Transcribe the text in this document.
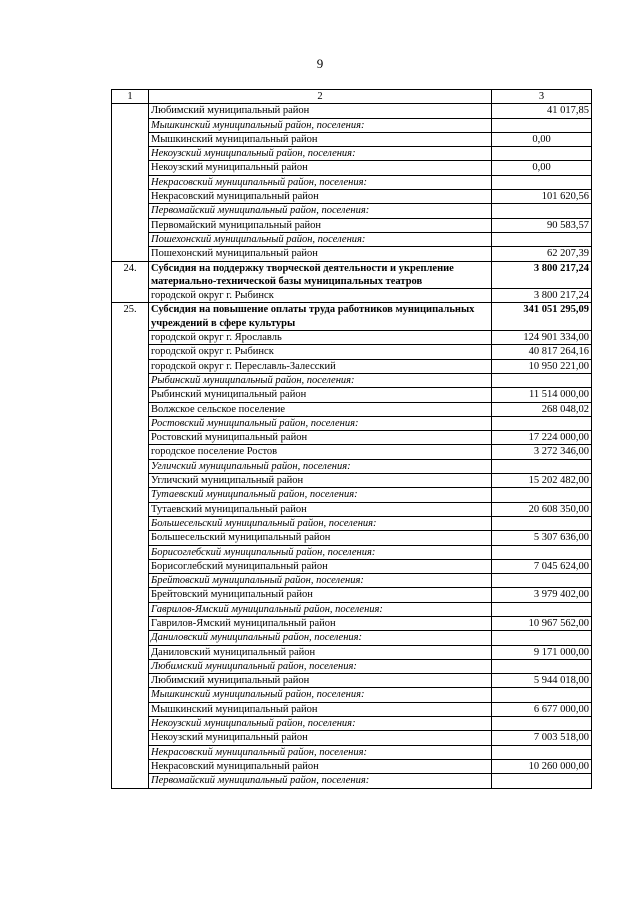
9
1	2	3
	Любимский муниципальный район	41 017,85
	Мышкинский муниципальный район, поселения:	
	Мышкинский муниципальный район	0,00
	Некоузский муниципальный район, поселения:	
	Некоузский муниципальный район	0,00
	Некрасовский муниципальный район, поселения:	
	Некрасовский муниципальный район	101 620,56
	Первомайский муниципальный район, поселения:	
	Первомайский муниципальный район	90 583,57
	Пошехонский муниципальный район, поселения:	
	Пошехонский муниципальный район	62 207,39
24.	Субсидия на поддержку творческой деятельности и укрепление материально-технической базы муниципальных театров	3 800 217,24
	городской округ г. Рыбинск	3 800 217,24
25.	Субсидия на повышение оплаты труда работников муниципальных учреждений в сфере культуры	341 051 295,09
	городской округ г. Ярославль	124 901 334,00
	городской округ г. Рыбинск	40 817 264,16
	городской округ г. Переславль-Залесский	10 950 221,00
	Рыбинский муниципальный район, поселения:	
	Рыбинский муниципальный район	11 514 000,00
	Волжское сельское поселение	268 048,02
	Ростовский муниципальный район, поселения:	
	Ростовский муниципальный район	17 224 000,00
	городское поселение Ростов	3 272 346,00
	Угличский муниципальный район, поселения:	
	Угличский муниципальный район	15 202 482,00
	Тутаевский муниципальный район, поселения:	
	Тутаевский муниципальный район	20 608 350,00
	Большесельский муниципальный район, поселения:	
	Большесельский муниципальный район	5 307 636,00
	Борисоглебский муниципальный район, поселения:	
	Борисоглебский муниципальный район	7 045 624,00
	Брейтовский муниципальный район, поселения:	
	Брейтовский муниципальный район	3 979 402,00
	Гаврилов-Ямский муниципальный район, поселения:	
	Гаврилов-Ямский муниципальный район	10 967 562,00
	Даниловский муниципальный район, поселения:	
	Даниловский муниципальный район	9 171 000,00
	Любимский муниципальный район, поселения:	
	Любимский муниципальный район	5 944 018,00
	Мышкинский муниципальный район, поселения:	
	Мышкинский муниципальный район	6 677 000,00
	Некоузский муниципальный район, поселения:	
	Некоузский муниципальный район	7 003 518,00
	Некрасовский муниципальный район, поселения:	
	Некрасовский муниципальный район	10 260 000,00
	Первомайский муниципальный район, поселения:	
